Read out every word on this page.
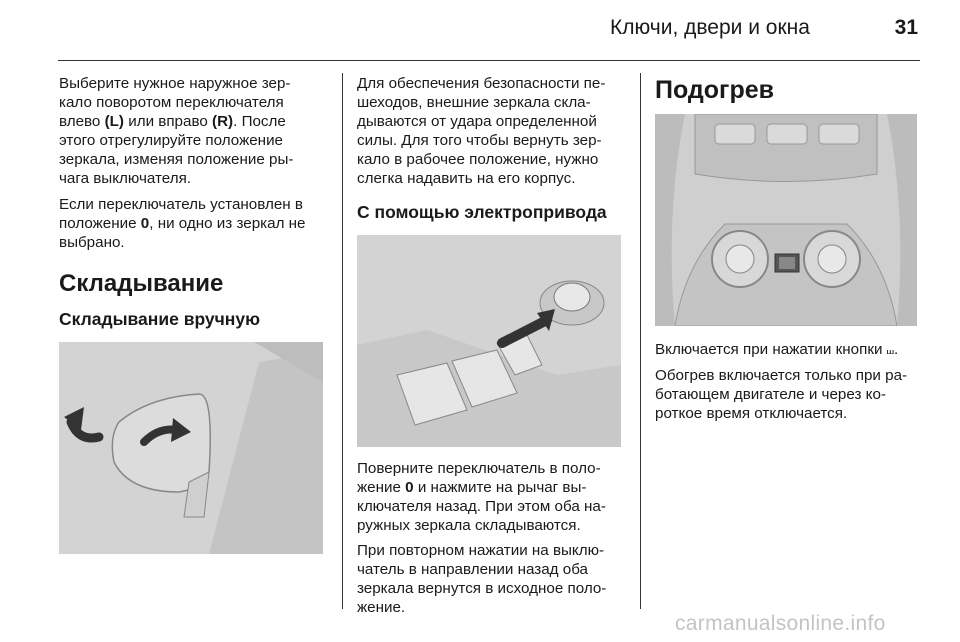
Ключи, двери и окна	31

Выберите нужное наружное зер-
кало поворотом переключателя
влево (L) или вправо (R). После
этого отрегулируйте положение
зеркала, изменяя положение ры-
чага выключателя.

Если переключатель установлен в
положение 0, ни одно из зеркал не
выбрано.

Складывание
Складывание вручную

Для обеспечения безопасности пе-
шеходов, внешние зеркала скла-
дываются от удара определенной
силы. Для того чтобы вернуть зер-
кало в рабочее положение, нужно
слегка надавить на его корпус.

С помощью электропривода

Поверните переключатель в поло-
жение 0 и нажмите на рычаг вы-
ключателя назад. При этом оба на-
ружных зеркала складываются.

При повторном нажатии на выклю-
чатель в направлении назад оба
зеркала вернутся в исходное поло-
жение.

Подогрев

Включается при нажатии кнопки ⧢.

Обогрев включается только при ра-
ботающем двигателе и через ко-
роткое время отключается.

carmanualsonline.info
